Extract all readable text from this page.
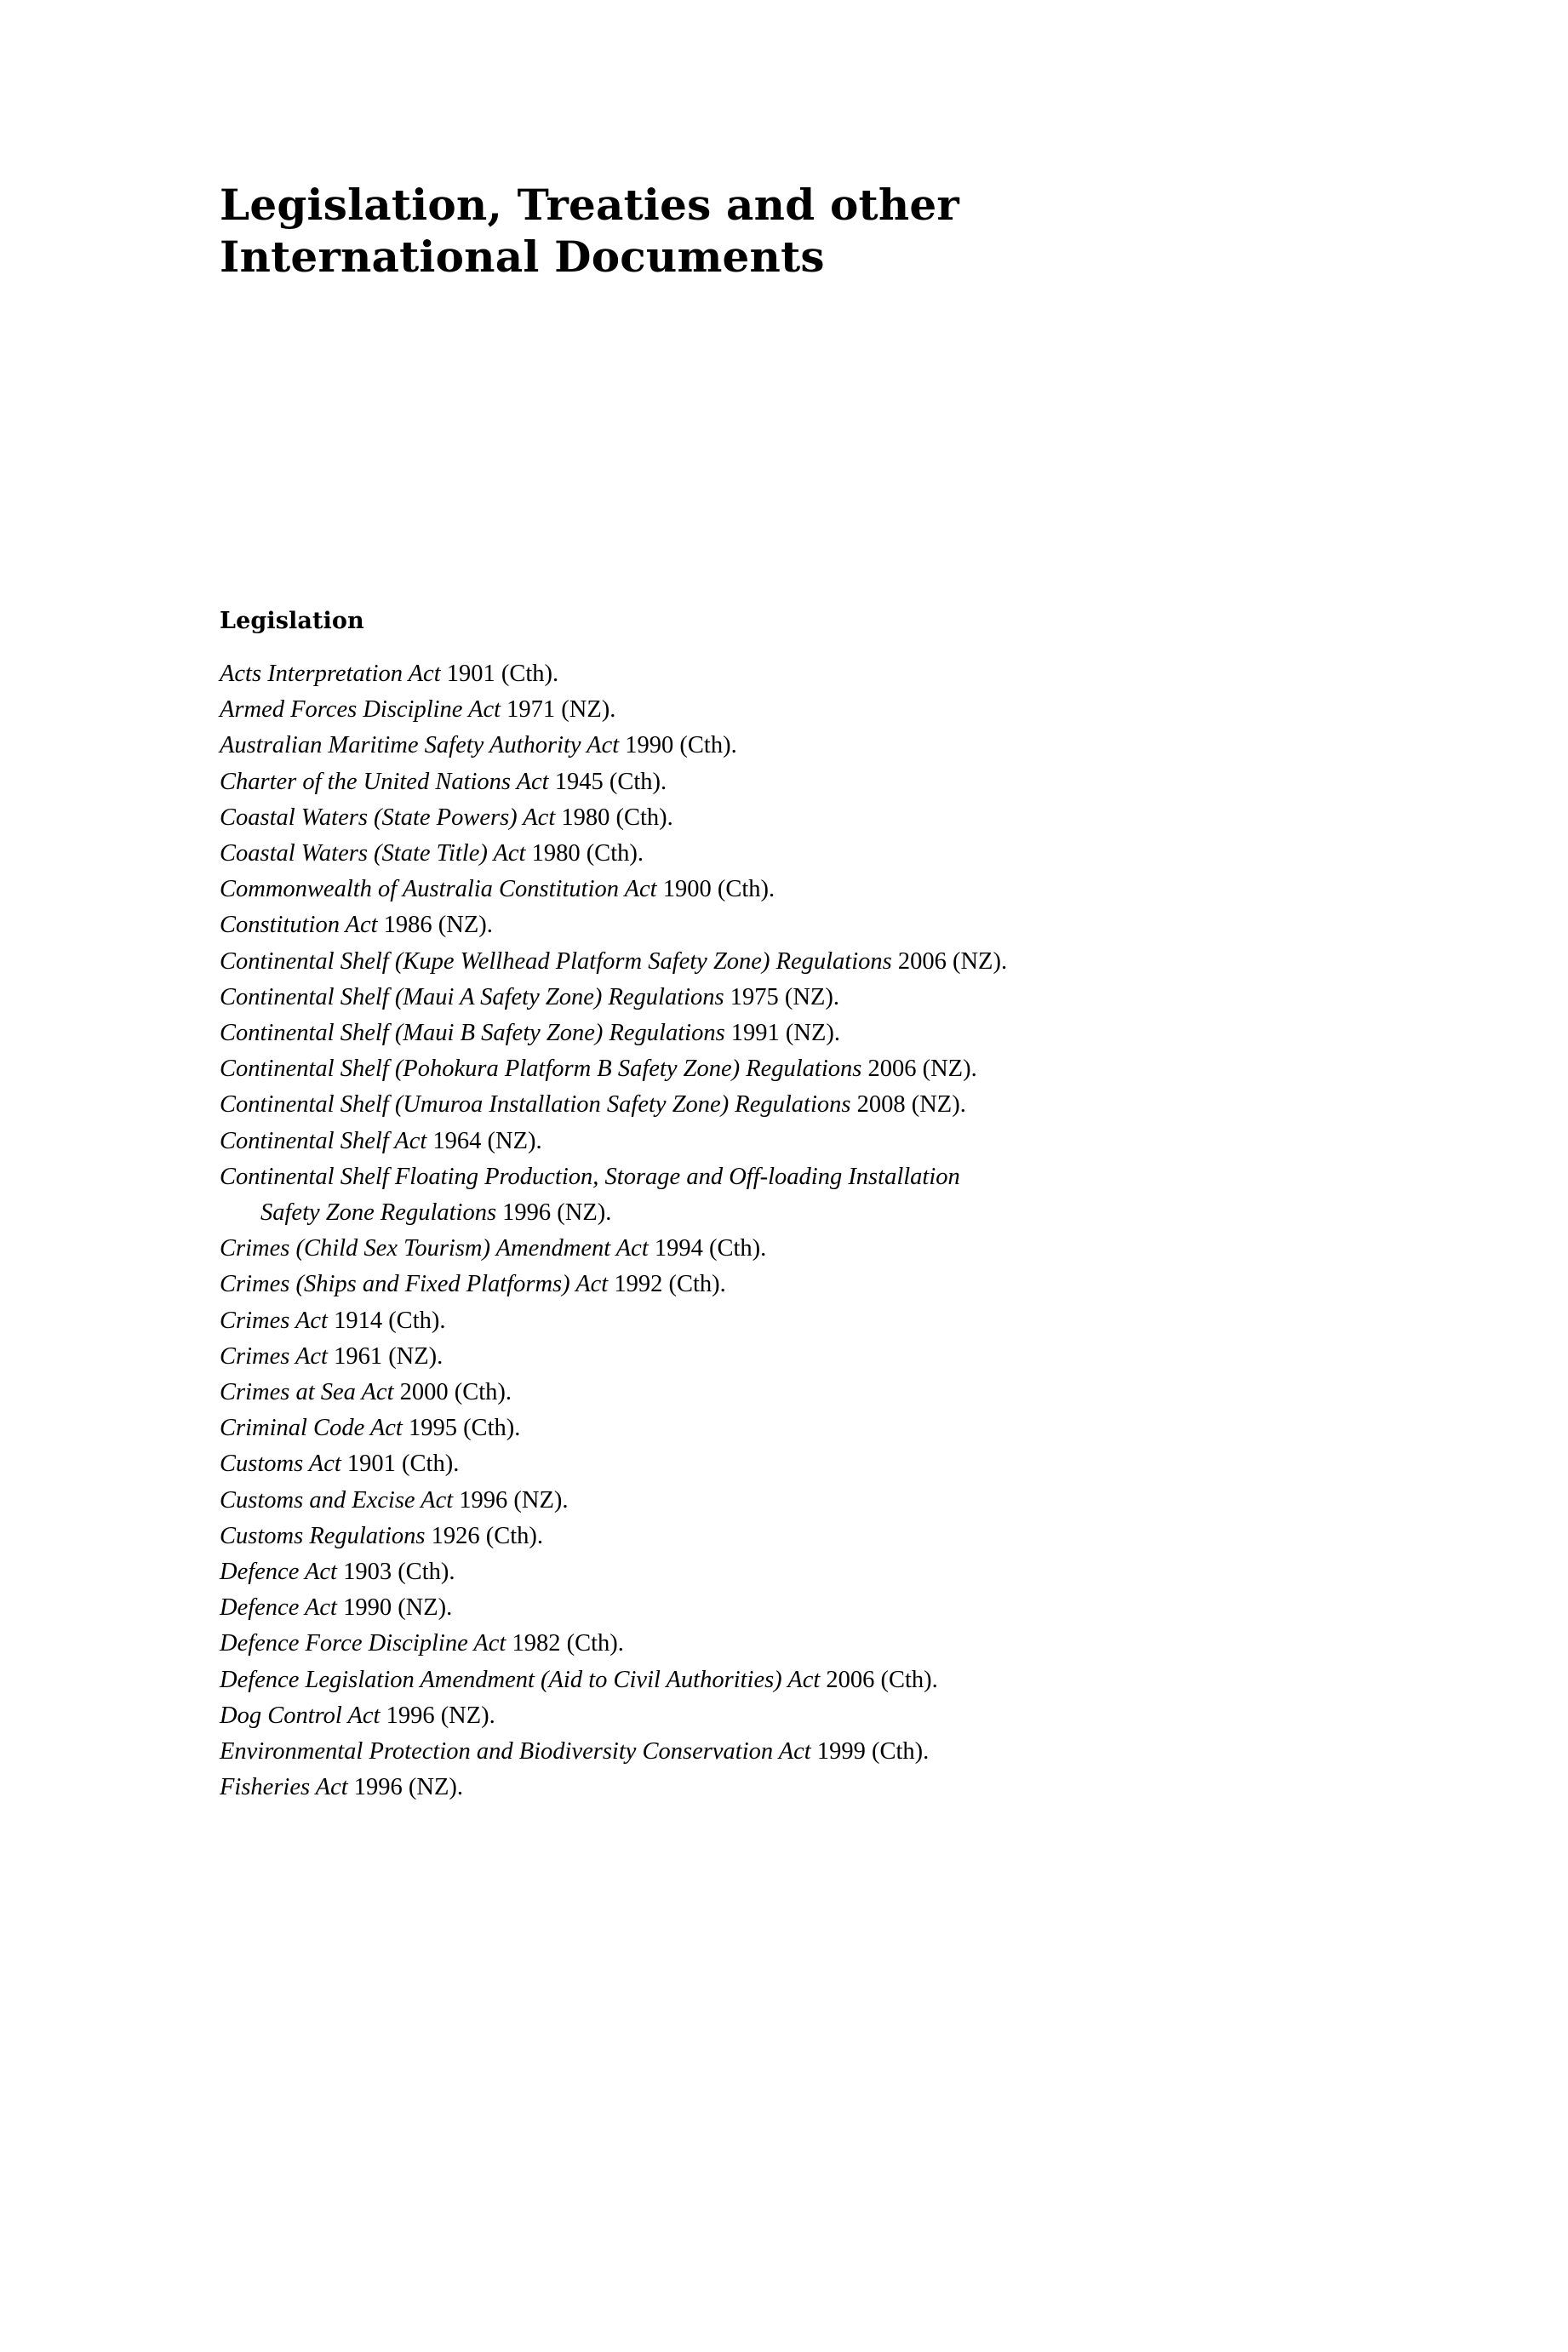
Legislation, Treaties and other
International Documents
Legislation
Acts Interpretation Act 1901 (Cth).
Armed Forces Discipline Act 1971 (NZ).
Australian Maritime Safety Authority Act 1990 (Cth).
Charter of the United Nations Act 1945 (Cth).
Coastal Waters (State Powers) Act 1980 (Cth).
Coastal Waters (State Title) Act 1980 (Cth).
Commonwealth of Australia Constitution Act 1900 (Cth).
Constitution Act 1986 (NZ).
Continental Shelf (Kupe Wellhead Platform Safety Zone) Regulations 2006 (NZ).
Continental Shelf (Maui A Safety Zone) Regulations 1975 (NZ).
Continental Shelf (Maui B Safety Zone) Regulations 1991 (NZ).
Continental Shelf (Pohokura Platform B Safety Zone) Regulations 2006 (NZ).
Continental Shelf (Umuroa Installation Safety Zone) Regulations 2008 (NZ).
Continental Shelf Act 1964 (NZ).
Continental Shelf Floating Production, Storage and Off-loading Installation
Safety Zone Regulations 1996 (NZ).
Crimes (Child Sex Tourism) Amendment Act 1994 (Cth).
Crimes (Ships and Fixed Platforms) Act 1992 (Cth).
Crimes Act 1914 (Cth).
Crimes Act 1961 (NZ).
Crimes at Sea Act 2000 (Cth).
Criminal Code Act 1995 (Cth).
Customs Act 1901 (Cth).
Customs and Excise Act 1996 (NZ).
Customs Regulations 1926 (Cth).
Defence Act 1903 (Cth).
Defence Act 1990 (NZ).
Defence Force Discipline Act 1982 (Cth).
Defence Legislation Amendment (Aid to Civil Authorities) Act 2006 (Cth).
Dog Control Act 1996 (NZ).
Environmental Protection and Biodiversity Conservation Act 1999 (Cth).
Fisheries Act 1996 (NZ).
